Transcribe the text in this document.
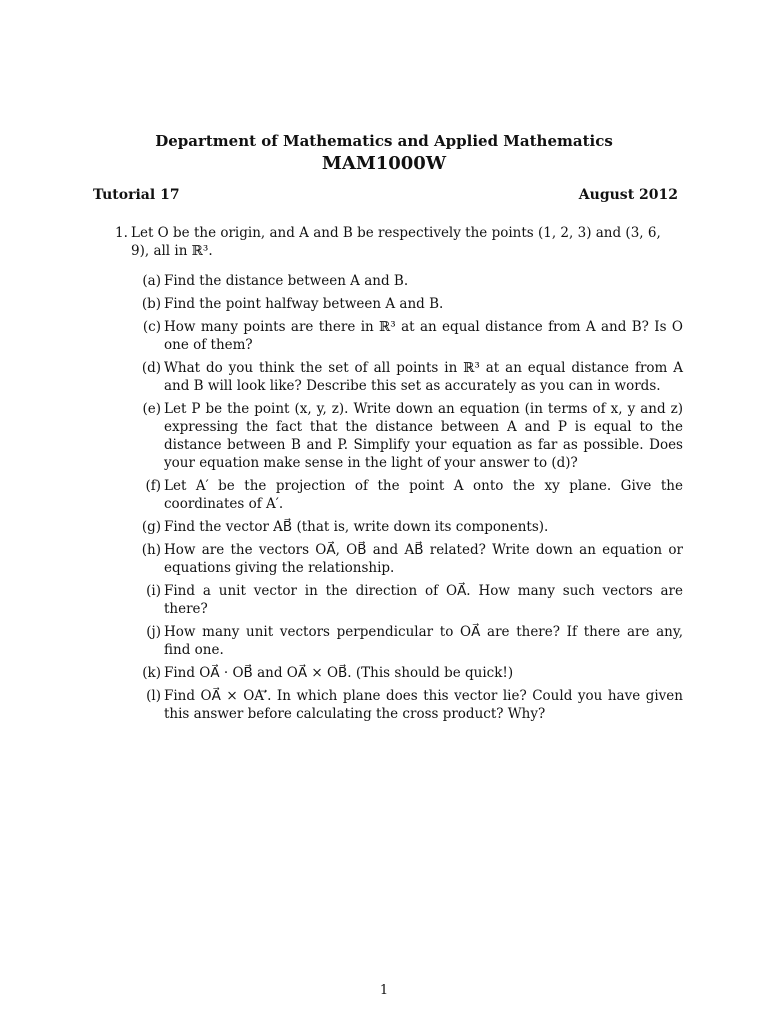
Department of Mathematics and Applied Mathematics
MAM1000W
Tutorial 17	August 2012
1. Let O be the origin, and A and B be respectively the points (1, 2, 3) and (3, 6, 9), all in ℝ³.
(a) Find the distance between A and B.
(b) Find the point halfway between A and B.
(c) How many points are there in ℝ³ at an equal distance from A and B? Is O one of them?
(d) What do you think the set of all points in ℝ³ at an equal distance from A and B will look like? Describe this set as accurately as you can in words.
(e) Let P be the point (x, y, z). Write down an equation (in terms of x, y and z) expressing the fact that the distance between A and P is equal to the distance between B and P. Simplify your equation as far as possible. Does your equation make sense in the light of your answer to (d)?
(f) Let A′ be the projection of the point A onto the xy plane. Give the coordinates of A′.
(g) Find the vector AB⃗ (that is, write down its components).
(h) How are the vectors OA⃗, OB⃗ and AB⃗ related? Write down an equation or equations giving the relationship.
(i) Find a unit vector in the direction of OA⃗. How many such vectors are there?
(j) How many unit vectors perpendicular to OA⃗ are there? If there are any, find one.
(k) Find OA⃗ · OB⃗ and OA⃗ × OB⃗. (This should be quick!)
(l) Find OA⃗ × OA′⃗. In which plane does this vector lie? Could you have given this answer before calculating the cross product? Why?
1
